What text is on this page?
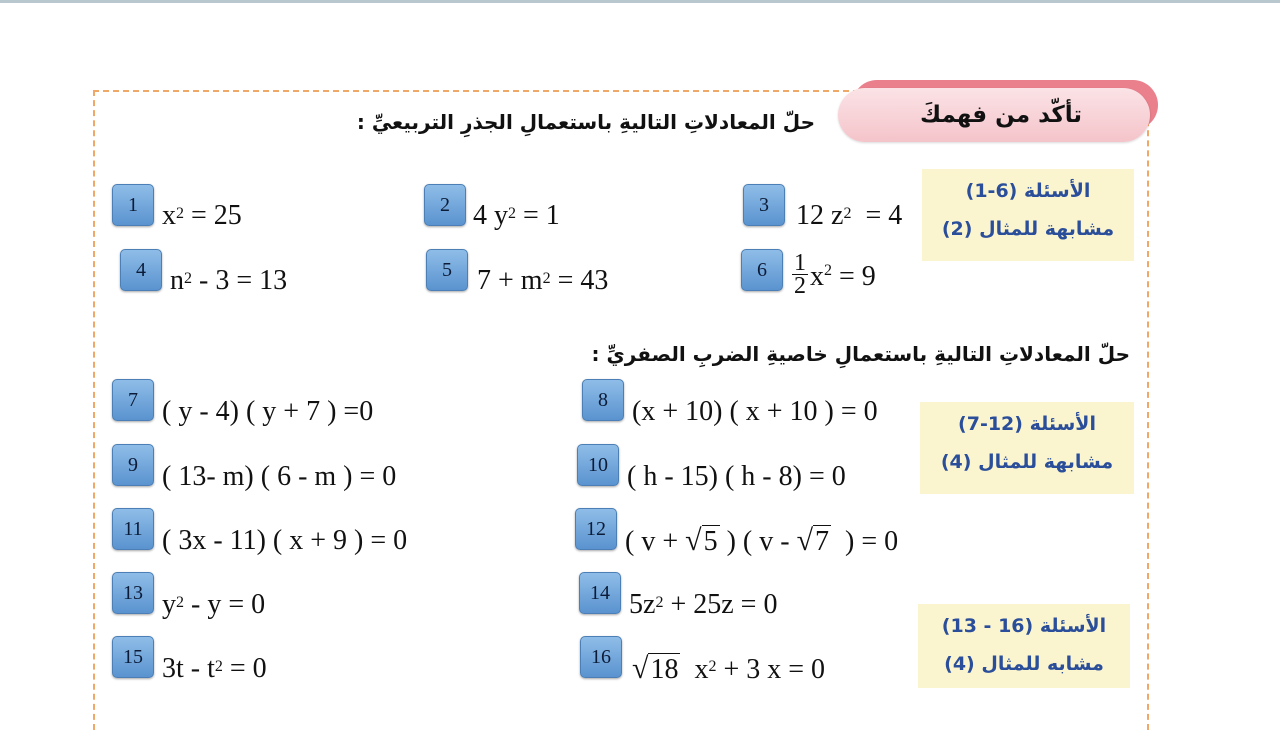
تأكّد من فهمكَ
حلّ المعادلاتِ التاليةِ باستعمالِ الجذرِ التربيعيِّ :
حلّ المعادلاتِ التاليةِ باستعمالِ خاصيةِ الضربِ الصفريِّ :
الأسئلة (6-1)
مشابهة للمثال (2)
الأسئلة (12-7)
مشابهة للمثال (4)
الأسئلة (16 - 13)
مشابه للمثال (4)
1 $x^2 = 25$	2 4 $y^2 = 1$	3 12 $z^2 = 4$
4 $n^2 - 3 = 13$	5 $7 + m^2 = 43$	6	$\frac{1}{2} x^2 = 9$
7 ( y - 4) ( y + 7 ) =0	8 (x + 10) ( x + 10 ) = 0
9 ( 13- m) ( 6 - m ) = 0	10 ( h - 15) ( h - 8) = 0
11 ( 3x - 11) ( x + 9 ) = 0	12 ( v + √5 ) ( v - √7  ) = 0
13 $y^2 - y = 0$	14 $5z^2 + 25z = 0$
15 $3t - t^2 = 0$	16 √18  $x^2 + 3$ x = 0
